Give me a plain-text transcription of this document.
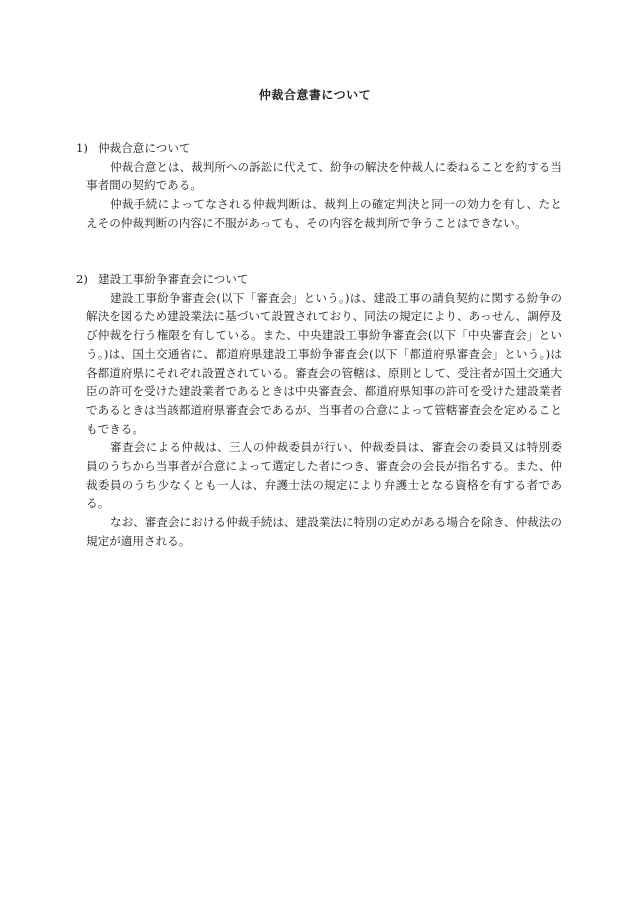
仲裁合意書について

1) 仲裁合意について

仲裁合意とは、裁判所への訴訟に代えて、紛争の解決を仲裁人に委ねることを約する当事者間の契約である。

仲裁手続によってなされる仲裁判断は、裁判上の確定判決と同一の効力を有し、たとえその仲裁判断の内容に不服があっても、その内容を裁判所で争うことはできない。

2) 建設工事紛争審査会について

建設工事紛争審査会(以下「審査会」という。)は、建設工事の請負契約に関する紛争の解決を図るため建設業法に基づいて設置されており、同法の規定により、あっせん、調停及び仲裁を行う権限を有している。また、中央建設工事紛争審査会(以下「中央審査会」という。)は、国土交通省に、都道府県建設工事紛争審査会(以下「都道府県審査会」という。)は各都道府県にそれぞれ設置されている。審査会の管轄は、原則として、受注者が国土交通大臣の許可を受けた建設業者であるときは中央審査会、都道府県知事の許可を受けた建設業者であるときは当該都道府県審査会であるが、当事者の合意によって管轄審査会を定めることもできる。

審査会による仲裁は、三人の仲裁委員が行い、仲裁委員は、審査会の委員又は特別委員のうちから当事者が合意によって選定した者につき、審査会の会長が指名する。また、仲裁委員のうち少なくとも一人は、弁護士法の規定により弁護士となる資格を有する者である。

なお、審査会における仲裁手続は、建設業法に特別の定めがある場合を除き、仲裁法の規定が適用される。
